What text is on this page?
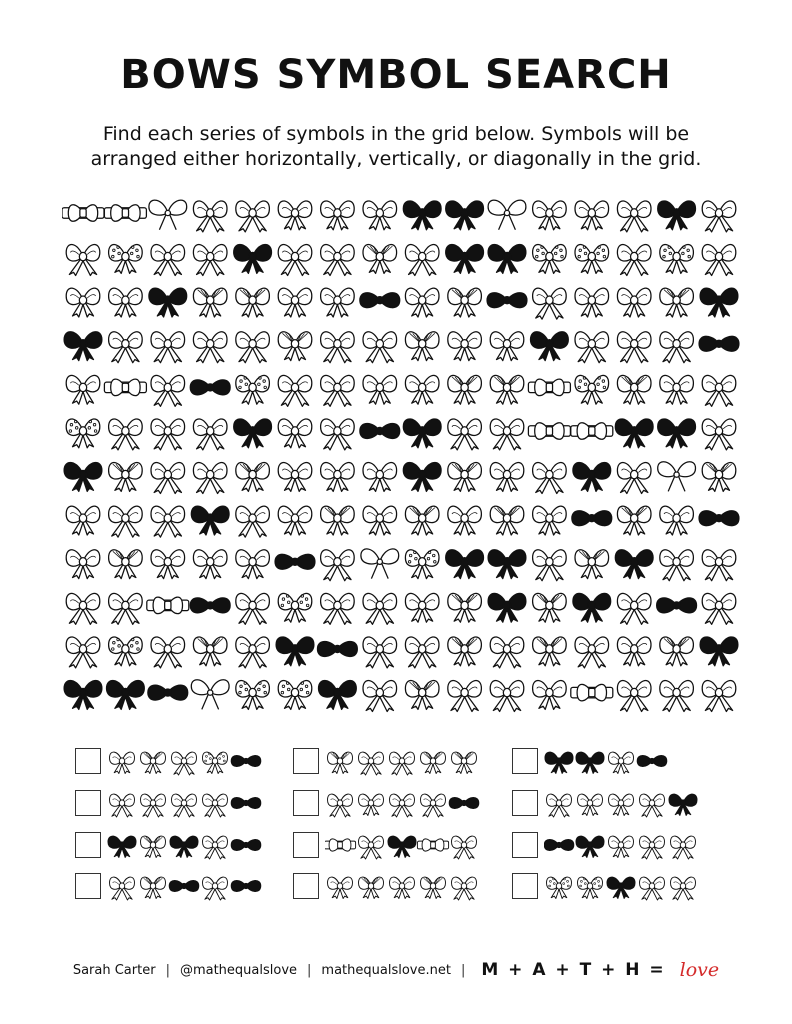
BOWS SYMBOL SEARCH
Find each series of symbols in the grid below. Symbols will be
arranged either horizontally, vertically, or diagonally in the grid.
Sarah Carter | @mathequalslove | mathequalslove.net | M + A + T + H = love
